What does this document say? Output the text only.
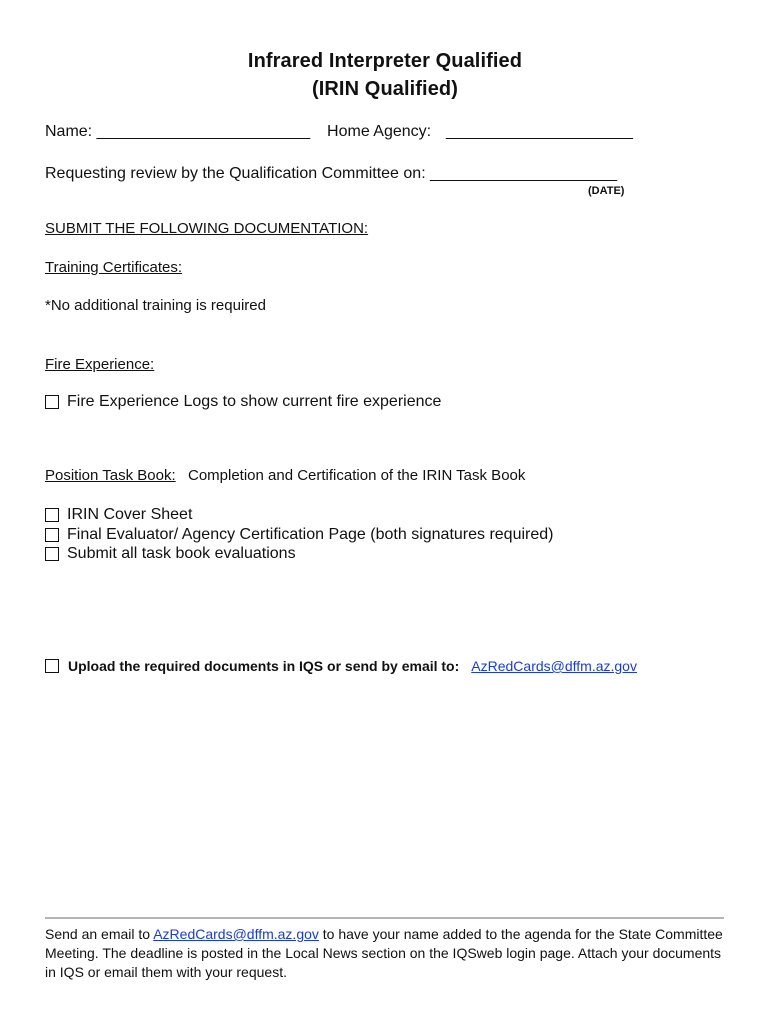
Infrared Interpreter Qualified
(IRIN Qualified)
Name: ________________________ Home Agency: _____________________
Requesting review by the Qualification Committee on: _____________________
(DATE)
SUBMIT THE FOLLOWING DOCUMENTATION:
Training Certificates:
*No additional training is required
Fire Experience:
Fire Experience Logs to show current fire experience
Position Task Book: Completion and Certification of the IRIN Task Book
IRIN Cover Sheet
Final Evaluator/ Agency Certification Page (both signatures required)
Submit all task book evaluations
Upload the required documents in IQS or send by email to: AzRedCards@dffm.az.gov
Send an email to AzRedCards@dffm.az.gov to have your name added to the agenda for the State Committee Meeting. The deadline is posted in the Local News section on the IQSweb login page. Attach your documents in IQS or email them with your request.
